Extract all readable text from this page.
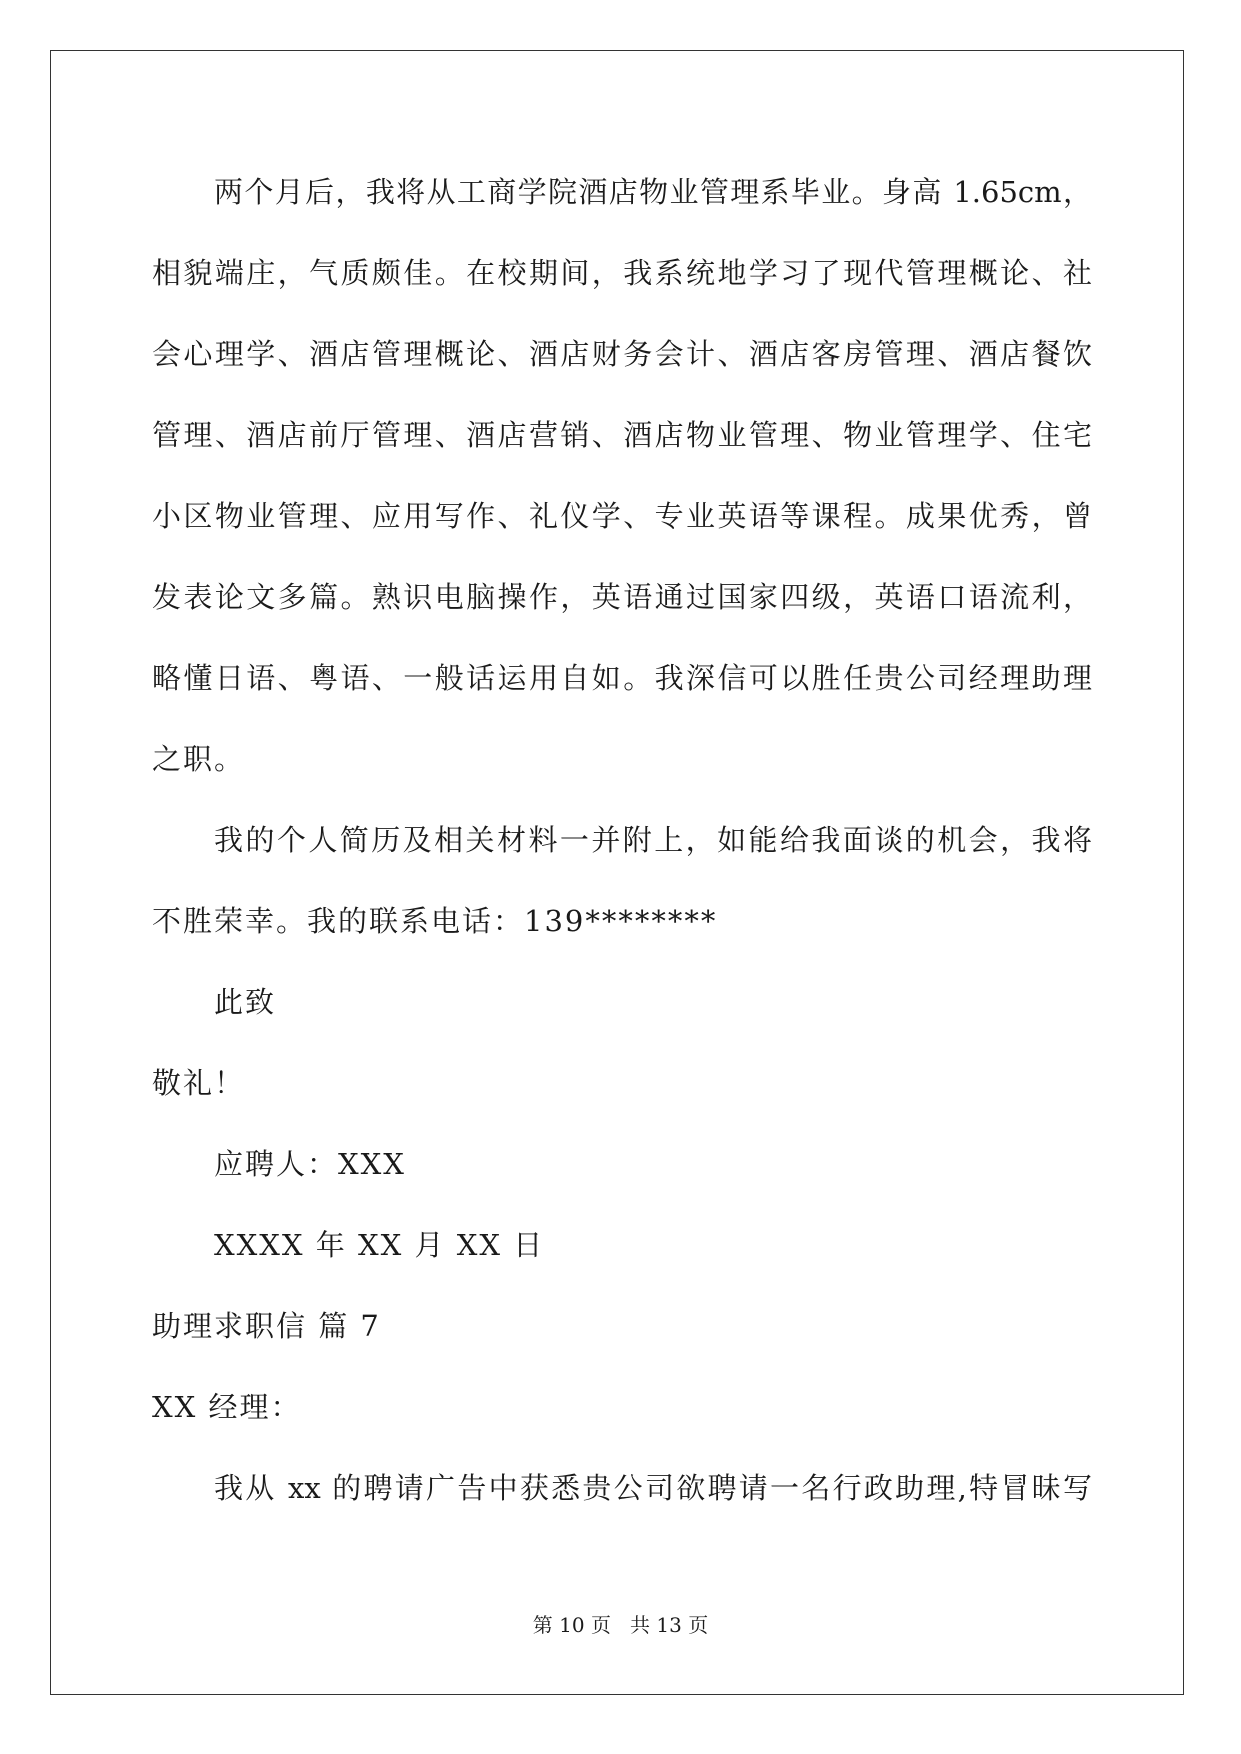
两个月后，我将从工商学院酒店物业管理系毕业。身高 1.65cm，
相貌端庄，气质颇佳。在校期间，我系统地学习了现代管理概论、社
会心理学、酒店管理概论、酒店财务会计、酒店客房管理、酒店餐饮
管理、酒店前厅管理、酒店营销、酒店物业管理、物业管理学、住宅
小区物业管理、应用写作、礼仪学、专业英语等课程。成果优秀，曾
发表论文多篇。熟识电脑操作，英语通过国家四级，英语口语流利，
略懂日语、粤语、一般话运用自如。我深信可以胜任贵公司经理助理
之职。
我的个人简历及相关材料一并附上，如能给我面谈的机会，我将
不胜荣幸。我的联系电话：139********
此致
敬礼！
应聘人：XXX
XXXX 年 XX 月 XX 日
助理求职信 篇 7
XX 经理：
我从 xx 的聘请广告中获悉贵公司欲聘请一名行政助理,特冒昧写
第 10 页 共 13 页
